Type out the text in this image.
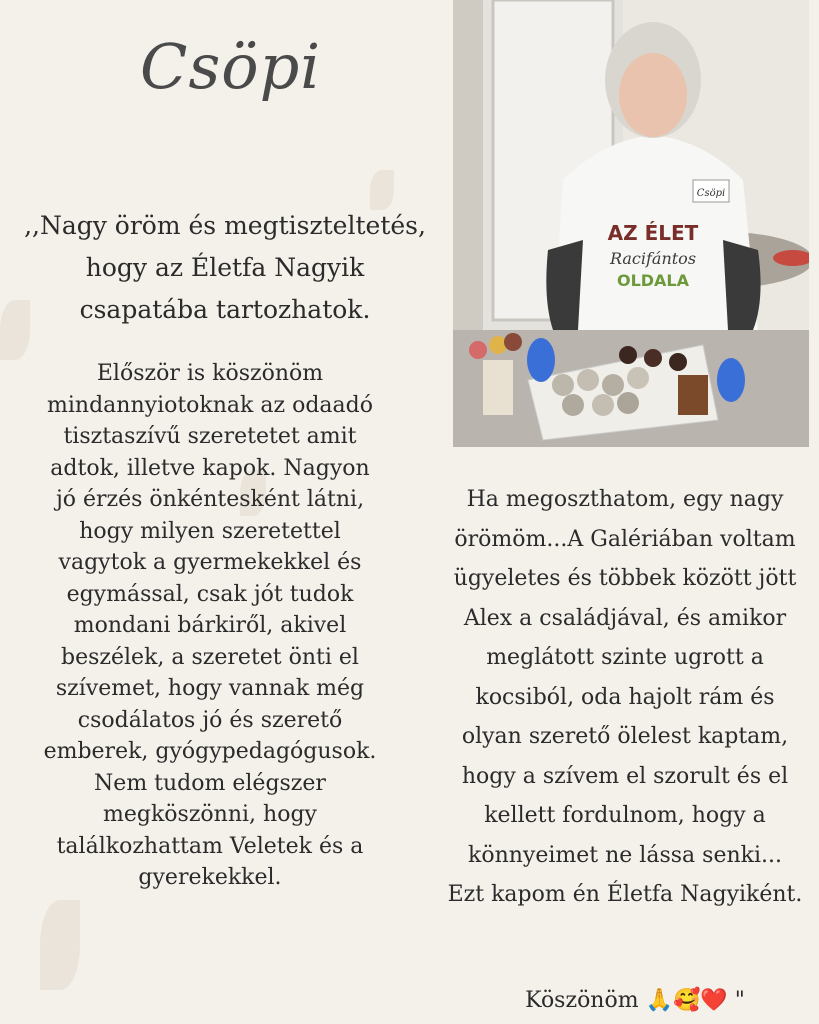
Csöpi

,,Nagy öröm és megtiszteltetés,

hogy az Életfa Nagyik

csapatába tartozhatok.

Először is köszönöm

mindannyiotoknak az odaadó

tisztaszívű szeretetet amit

adtok, illetve kapok. Nagyon

jó érzés önkéntesként látni,

hogy milyen szeretettel

vagytok a gyermekekkel és

egymással, csak jót tudok

mondani bárkiről, akivel

beszélek, a szeretet önti el

szívemet, hogy vannak még

csodálatos jó és szerető

emberek, gyógypedagógusok.

Nem tudom elégszer

megköszönni, hogy

találkozhattam Veletek és a

gyerekekkel.

AZ ÉLET
Racifántos
OLDALA
Csöpi

Ha megoszthatom, egy nagy

örömöm...A Galériában voltam

ügyeletes és többek között jött

Alex a családjával, és amikor

meglátott szinte ugrott a

kocsiból, oda hajolt rám és

olyan szerető ölelest kaptam,

hogy a szívem el szorult és el

kellett fordulnom, hogy a

könnyeimet ne lássa senki...

Ezt kapom én Életfa Nagyiként.

Köszönöm 🙏🥰❤️ "
